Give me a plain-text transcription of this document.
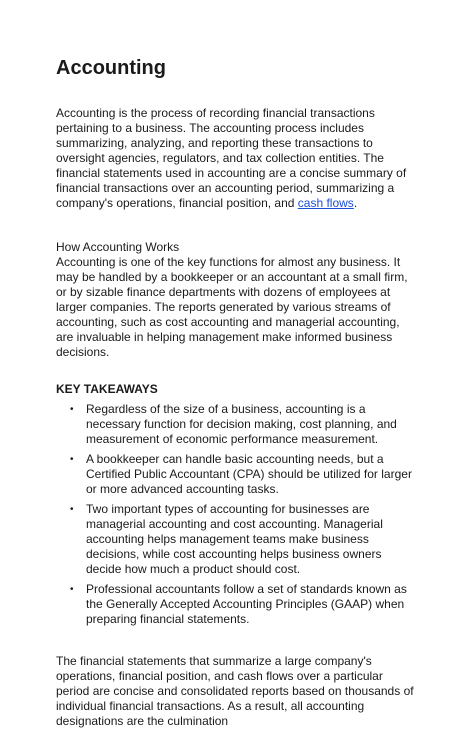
Accounting

Accounting is the process of recording financial transactions pertaining to a business. The accounting process includes summarizing, analyzing, and reporting these transactions to oversight agencies, regulators, and tax collection entities. The financial statements used in accounting are a concise summary of financial transactions over an accounting period, summarizing a company's operations, financial position, and cash flows.

How Accounting Works

Accounting is one of the key functions for almost any business. It may be handled by a bookkeeper or an accountant at a small firm, or by sizable finance departments with dozens of employees at larger companies. The reports generated by various streams of accounting, such as cost accounting and managerial accounting, are invaluable in helping management make informed business decisions.

KEY TAKEAWAYS

• Regardless of the size of a business, accounting is a necessary function for decision making, cost planning, and measurement of economic performance measurement.
• A bookkeeper can handle basic accounting needs, but a Certified Public Accountant (CPA) should be utilized for larger or more advanced accounting tasks.
• Two important types of accounting for businesses are managerial accounting and cost accounting. Managerial accounting helps management teams make business decisions, while cost accounting helps business owners decide how much a product should cost.
• Professional accountants follow a set of standards known as the Generally Accepted Accounting Principles (GAAP) when preparing financial statements.

The financial statements that summarize a large company's operations, financial position, and cash flows over a particular period are concise and consolidated reports based on thousands of individual financial transactions. As a result, all accounting designations are the culmination
